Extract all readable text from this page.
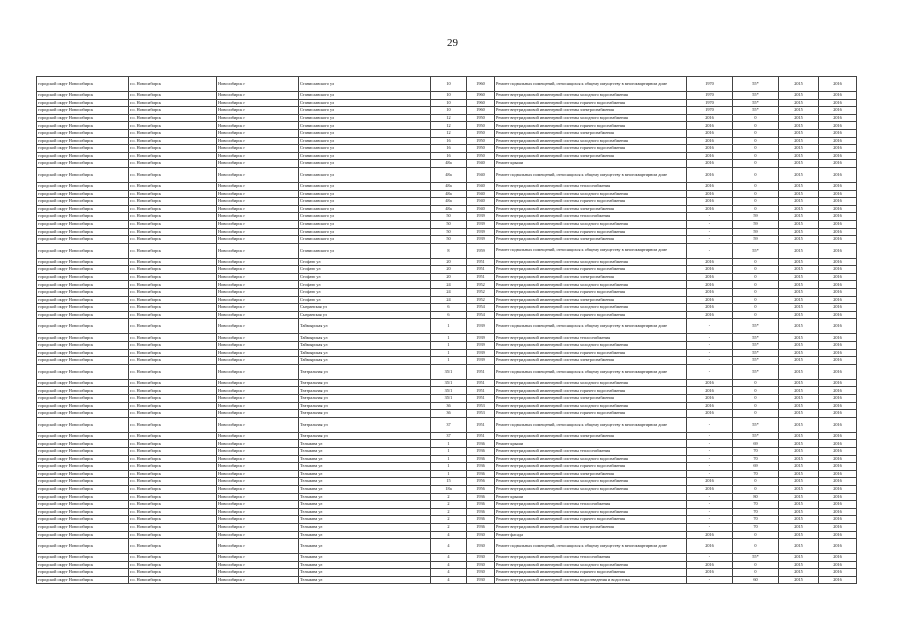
29
городской округ Новосибирск	г.о. Новосибирск	Новосибирск г	Станиславского ул	10	1960	Ремонт подвальных помещений, относящихся к общему имуществу в многоквартирном доме	1970	55*	2015	2016
городской округ Новосибирск	г.о. Новосибирск	Новосибирск г	Станиславского ул	10	1960	Ремонт внутридомовой инженерной системы холодного водоснабжения	1970	55*	2015	2016
городской округ Новосибирск	г.о. Новосибирск	Новосибирск г	Станиславского ул	10	1960	Ремонт внутридомовой инженерной системы горячего водоснабжения	1970	55*	2015	2016
городской округ Новосибирск	г.о. Новосибирск	Новосибирск г	Станиславского ул	10	1960	Ремонт внутридомовой инженерной системы электроснабжения	1970	55*	2015	2016
городской округ Новосибирск	г.о. Новосибирск	Новосибирск г	Станиславского ул	12	1950	Ремонт внутридомовой инженерной системы холодного водоснабжения	2016	0	2015	2016
городской округ Новосибирск	г.о. Новосибирск	Новосибирск г	Станиславского ул	12	1950	Ремонт внутридомовой инженерной системы горячего водоснабжения	2016	0	2015	2016
городской округ Новосибирск	г.о. Новосибирск	Новосибирск г	Станиславского ул	12	1950	Ремонт внутридомовой инженерной системы электроснабжения	2016	0	2015	2016
городской округ Новосибирск	г.о. Новосибирск	Новосибирск г	Станиславского ул	16	1950	Ремонт внутридомовой инженерной системы холодного водоснабжения	2016	0	2015	2016
городской округ Новосибирск	г.о. Новосибирск	Новосибирск г	Станиславского ул	16	1950	Ремонт внутридомовой инженерной системы горячего водоснабжения	2016	0	2015	2016
городской округ Новосибирск	г.о. Новосибирск	Новосибирск г	Станиславского ул	16	1950	Ремонт внутридомовой инженерной системы электроснабжения	2016	0	2015	2016
городской округ Новосибирск	г.о. Новосибирск	Новосибирск г	Станиславского ул	48а	1940	Ремонт крыши	2016	0	2015	2016
городской округ Новосибирск	г.о. Новосибирск	Новосибирск г	Станиславского ул	48а	1940	Ремонт подвальных помещений, относящихся к общему имуществу в многоквартирном доме	2016	0	2015	2016
городской округ Новосибирск	г.о. Новосибирск	Новосибирск г	Станиславского ул	48а	1940	Ремонт внутридомовой инженерной системы теплоснабжения	2016	0	2015	2016
городской округ Новосибирск	г.о. Новосибирск	Новосибирск г	Станиславского ул	48а	1940	Ремонт внутридомовой инженерной системы холодного водоснабжения	2016	0	2015	2016
городской округ Новосибирск	г.о. Новосибирск	Новосибирск г	Станиславского ул	48а	1940	Ремонт внутридомовой инженерной системы горячего водоснабжения	2016	0	2015	2016
городской округ Новосибирск	г.о. Новосибирск	Новосибирск г	Станиславского ул	48а	1940	Ремонт внутридомовой инженерной системы электроснабжения	2016	0	2015	2016
городской округ Новосибирск	г.о. Новосибирск	Новосибирск г	Станиславского ул	50	1939	Ремонт внутридомовой инженерной системы теплоснабжения	-	59	2015	2016
городской округ Новосибирск	г.о. Новосибирск	Новосибирск г	Станиславского ул	50	1939	Ремонт внутридомовой инженерной системы холодного водоснабжения	-	59	2015	2016
городской округ Новосибирск	г.о. Новосибирск	Новосибирск г	Станиславского ул	50	1939	Ремонт внутридомовой инженерной системы горячего водоснабжения	-	59	2015	2016
городской округ Новосибирск	г.о. Новосибирск	Новосибирск г	Станиславского ул	50	1939	Ремонт внутридомовой инженерной системы электроснабжения	-	59	2015	2016
городской округ Новосибирск	г.о. Новосибирск	Новосибирск г	Станиславского ул	8	1959	Ремонт подвальных помещений, относящихся к общему имуществу в многоквартирном доме	-	55*	2015	2016
городской округ Новосибирск	г.о. Новосибирск	Новосибирск г	Стофато ул	20	1951	Ремонт внутридомовой инженерной системы холодного водоснабжения	2016	0	2015	2016
городской округ Новосибирск	г.о. Новосибирск	Новосибирск г	Стофато ул	20	1951	Ремонт внутридомовой инженерной системы горячего водоснабжения	2016	0	2015	2016
городской округ Новосибирск	г.о. Новосибирск	Новосибирск г	Стофато ул	20	1951	Ремонт внутридомовой инженерной системы электроснабжения	2016	0	2015	2016
городской округ Новосибирск	г.о. Новосибирск	Новосибирск г	Стофато ул	24	1952	Ремонт внутридомовой инженерной системы холодного водоснабжения	2016	0	2015	2016
городской округ Новосибирск	г.о. Новосибирск	Новосибирск г	Стофато ул	24	1952	Ремонт внутридомовой инженерной системы горячего водоснабжения	2016	0	2015	2016
городской округ Новосибирск	г.о. Новосибирск	Новосибирск г	Стофато ул	24	1952	Ремонт внутридомовой инженерной системы электроснабжения	2016	0	2015	2016
городской округ Новосибирск	г.о. Новосибирск	Новосибирск г	Сызранская ул	6	1954	Ремонт внутридомовой инженерной системы холодного водоснабжения	2016	0	2015	2016
городской округ Новосибирск	г.о. Новосибирск	Новосибирск г	Сызранская ул	6	1954	Ремонт внутридомовой инженерной системы горячего водоснабжения	2016	0	2015	2016
городской округ Новосибирск	г.о. Новосибирск	Новосибирск г	Таймырская ул	1	1939	Ремонт подвальных помещений, относящихся к общему имуществу в многоквартирном доме	-	55*	2015	2016
городской округ Новосибирск	г.о. Новосибирск	Новосибирск г	Таймырская ул	1	1939	Ремонт внутридомовой инженерной системы теплоснабжения	-	55*	2015	2016
городской округ Новосибирск	г.о. Новосибирск	Новосибирск г	Таймырская ул	1	1939	Ремонт внутридомовой инженерной системы холодного водоснабжения	-	55*	2015	2016
городской округ Новосибирск	г.о. Новосибирск	Новосибирск г	Таймырская ул	1	1939	Ремонт внутридомовой инженерной системы горячего водоснабжения	-	55*	2015	2016
городской округ Новосибирск	г.о. Новосибирск	Новосибирск г	Таймырская ул	1	1939	Ремонт внутридомовой инженерной системы электроснабжения	-	55*	2015	2016
городской округ Новосибирск	г.о. Новосибирск	Новосибирск г	Театральная ул	35/1	1951	Ремонт подвальных помещений, относящихся к общему имуществу в многоквартирном доме	-	55*	2015	2016
городской округ Новосибирск	г.о. Новосибирск	Новосибирск г	Театральная ул	35/1	1951	Ремонт внутридомовой инженерной системы холодного водоснабжения	2016	0	2015	2016
городской округ Новосибирск	г.о. Новосибирск	Новосибирск г	Театральная ул	35/1	1951	Ремонт внутридомовой инженерной системы горячего водоснабжения	2016	0	2015	2016
городской округ Новосибирск	г.о. Новосибирск	Новосибирск г	Театральная ул	35/1	1951	Ремонт внутридомовой инженерной системы электроснабжения	2016	0	2015	2016
городской округ Новосибирск	г.о. Новосибирск	Новосибирск г	Театральная ул	36	1953	Ремонт внутридомовой инженерной системы холодного водоснабжения	2016	0	2015	2016
городской округ Новосибирск	г.о. Новосибирск	Новосибирск г	Театральная ул	36	1953	Ремонт внутридомовой инженерной системы горячего водоснабжения	2016	0	2015	2016
городской округ Новосибирск	г.о. Новосибирск	Новосибирск г	Театральная ул	37	1951	Ремонт подвальных помещений, относящихся к общему имуществу в многоквартирном доме	-	55*	2015	2016
городской округ Новосибирск	г.о. Новосибирск	Новосибирск г	Театральная ул	37	1951	Ремонт внутридомовой инженерной системы электроснабжения	-	55*	2015	2016
городской округ Новосибирск	г.о. Новосибирск	Новосибирск г	Тельмана ул	1	1936	Ремонт крыши	-	69	2015	2016
городской округ Новосибирск	г.о. Новосибирск	Новосибирск г	Тельмана ул	1	1936	Ремонт внутридомовой инженерной системы теплоснабжения	-	70	2015	2016
городской округ Новосибирск	г.о. Новосибирск	Новосибирск г	Тельмана ул	1	1936	Ремонт внутридомовой инженерной системы холодного водоснабжения	-	70	2015	2016
городской округ Новосибирск	г.о. Новосибирск	Новосибирск г	Тельмана ул	1	1936	Ремонт внутридомовой инженерной системы горячего водоснабжения	-	69	2015	2016
городской округ Новосибирск	г.о. Новосибирск	Новосибирск г	Тельмана ул	1	1936	Ремонт внутридомовой инженерной системы электроснабжения	-	70	2015	2016
городской округ Новосибирск	г.о. Новосибирск	Новосибирск г	Тельмана ул	15	1956	Ремонт внутридомовой инженерной системы холодного водоснабжения	2016	0	2015	2016
городской округ Новосибирск	г.о. Новосибирск	Новосибирск г	Тельмана ул	18а	1956	Ремонт внутридомовой инженерной системы холодного водоснабжения	2016	0	2015	2016
городской округ Новосибирск	г.о. Новосибирск	Новосибирск г	Тельмана ул	2	1936	Ремонт крыши	-	80	2015	2016
городской округ Новосибирск	г.о. Новосибирск	Новосибирск г	Тельмана ул	2	1936	Ремонт внутридомовой инженерной системы теплоснабжения	-	70	2015	2016
городской округ Новосибирск	г.о. Новосибирск	Новосибирск г	Тельмана ул	2	1936	Ремонт внутридомовой инженерной системы холодного водоснабжения	-	70	2015	2016
городской округ Новосибирск	г.о. Новосибирск	Новосибирск г	Тельмана ул	2	1936	Ремонт внутридомовой инженерной системы горячего водоснабжения	-	70	2015	2016
городской округ Новосибирск	г.о. Новосибирск	Новосибирск г	Тельмана ул	2	1936	Ремонт внутридомовой инженерной системы электроснабжения	-	70	2015	2016
городской округ Новосибирск	г.о. Новосибирск	Новосибирск г	Тельмана ул	4	1930	Ремонт фасада	2016	0	2015	2016
городской округ Новосибирск	г.о. Новосибирск	Новосибирск г	Тельмана ул	4	1930	Ремонт подвальных помещений, относящихся к общему имуществу в многоквартирном доме	2016	0	2015	2016
городской округ Новосибирск	г.о. Новосибирск	Новосибирск г	Тельмана ул	4	1930	Ремонт внутридомовой инженерной системы теплоснабжения	-	55*	2015	2016
городской округ Новосибирск	г.о. Новосибирск	Новосибирск г	Тельмана ул	4	1930	Ремонт внутридомовой инженерной системы холодного водоснабжения	2016	0	2015	2016
городской округ Новосибирск	г.о. Новосибирск	Новосибирск г	Тельмана ул	4	1930	Ремонт внутридомовой инженерной системы горячего водоснабжения	2016	0	2015	2016
городской округ Новосибирск	г.о. Новосибирск	Новосибирск г	Тельмана ул	4	1930	Ремонт внутридомовой инженерной системы водоотведения и водостока	-	60	2015	2016
